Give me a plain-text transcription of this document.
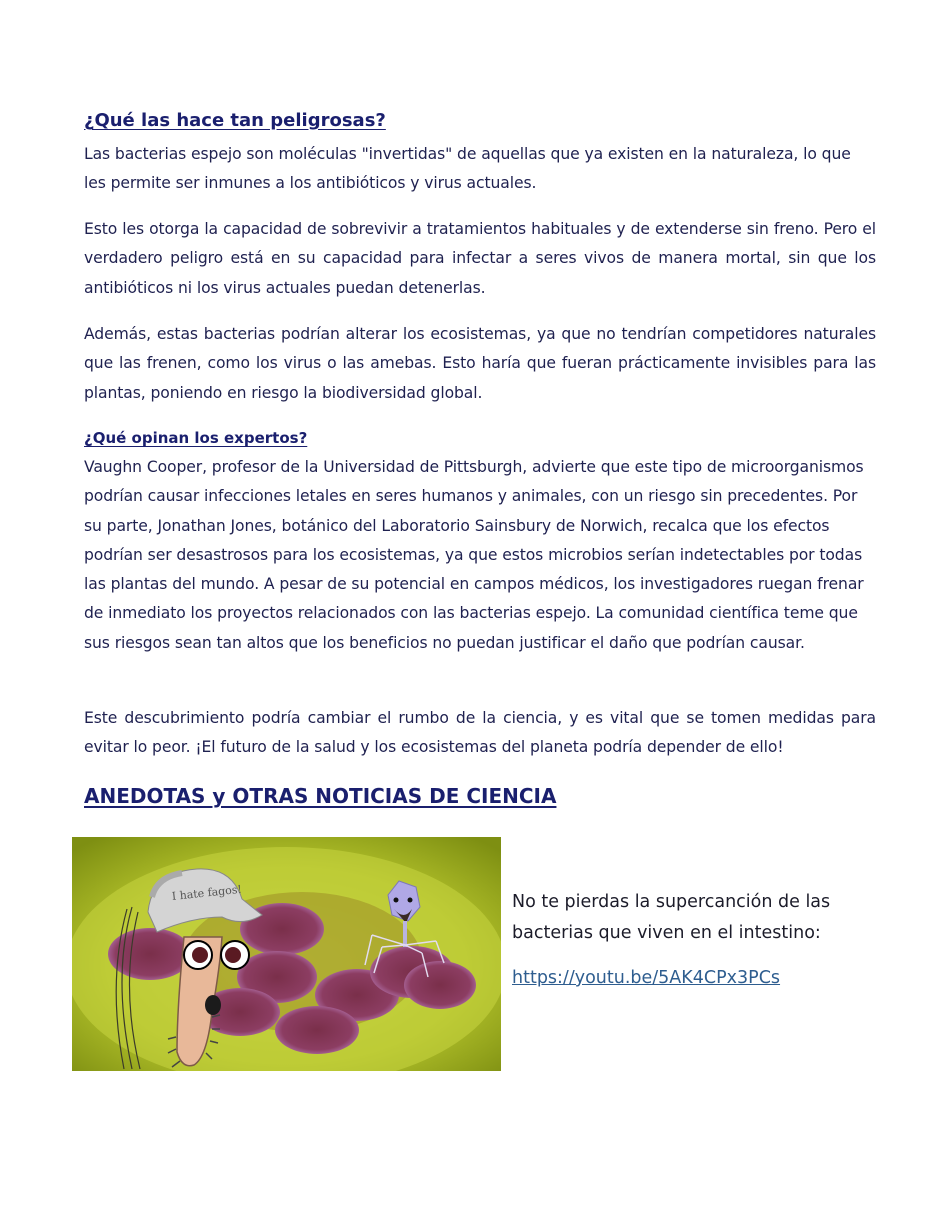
¿Qué las hace tan peligrosas?
Las bacterias espejo son moléculas "invertidas" de aquellas que ya existen en la naturaleza, lo que les permite ser inmunes a los antibióticos y virus actuales.
Esto les otorga la capacidad de sobrevivir a tratamientos habituales y de extenderse sin freno. Pero el verdadero peligro está en su capacidad para infectar a seres vivos de manera mortal, sin que los antibióticos ni los virus actuales puedan detenerlas.
Además, estas bacterias podrían alterar los ecosistemas, ya que no tendrían competidores naturales que las frenen, como los virus o las amebas. Esto haría que fueran prácticamente invisibles para las plantas, poniendo en riesgo la biodiversidad global.
¿Qué opinan los expertos?
Vaughn Cooper, profesor de la Universidad de Pittsburgh, advierte que este tipo de microorganismos podrían causar infecciones letales en seres humanos y animales, con un riesgo sin precedentes. Por su parte, Jonathan Jones, botánico del Laboratorio Sainsbury de Norwich, recalca que los efectos podrían ser desastrosos para los ecosistemas, ya que estos microbios serían indetectables por todas las plantas del mundo. A pesar de su potencial en campos médicos, los investigadores ruegan frenar de inmediato los proyectos relacionados con las bacterias espejo. La comunidad científica teme que sus riesgos sean tan altos que los beneficios no puedan justificar el daño que podrían causar.
Este descubrimiento podría cambiar el rumbo de la ciencia, y es vital que se tomen medidas para evitar lo peor. ¡El futuro de la salud y los ecosistemas del planeta podría depender de ello!
ANEDOTAS y OTRAS NOTICIAS DE CIENCIA
I hate fagos!	No te pierdas la supercanción de las bacterias que viven en el intestino:
https://youtu.be/5AK4CPx3PCs
